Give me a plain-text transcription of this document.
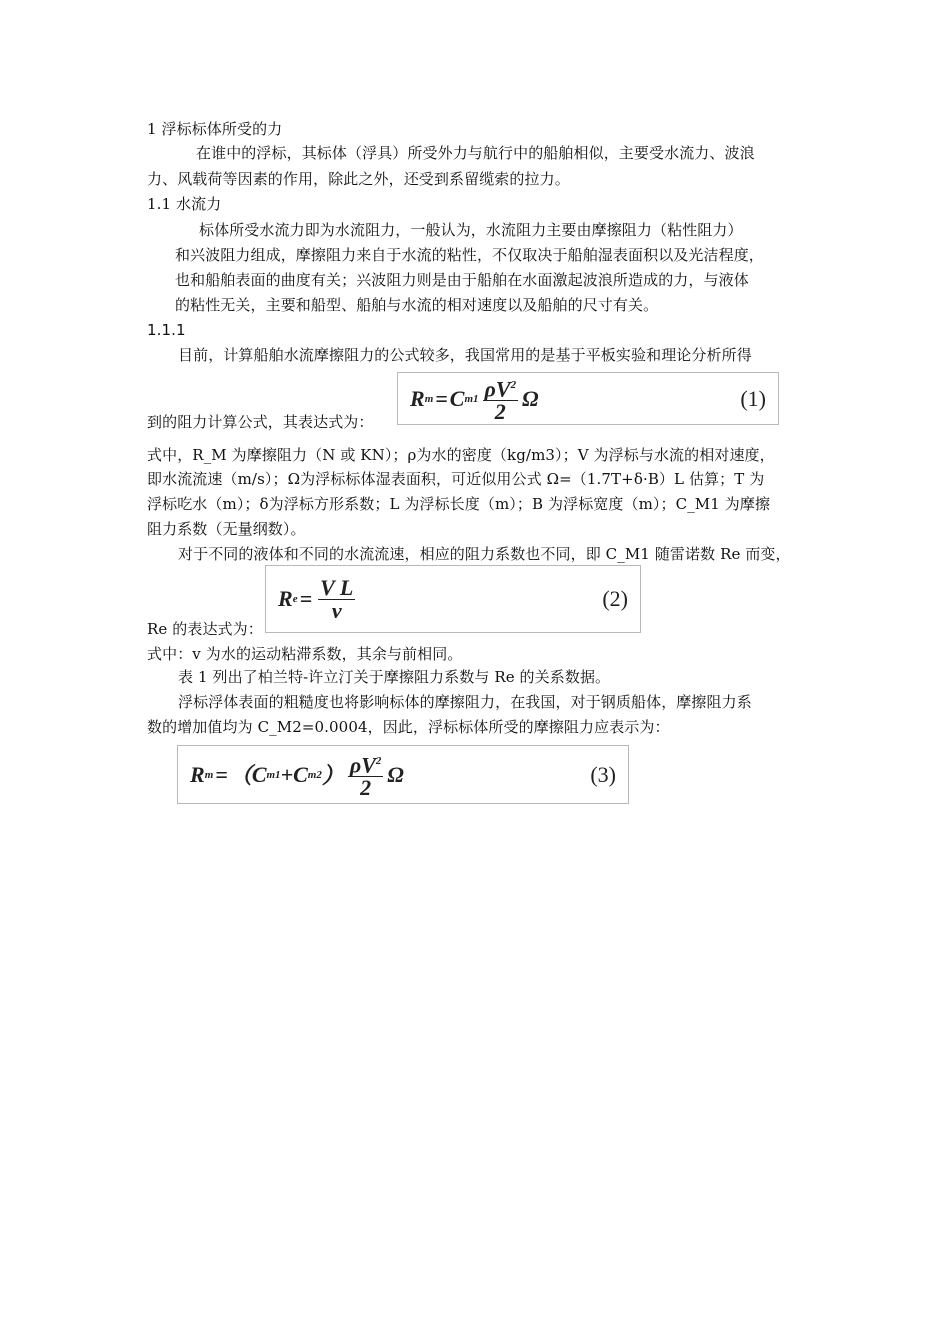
1 浮标标体所受的力
在谁中的浮标，其标体（浮具）所受外力与航行中的船舶相似，主要受水流力、波浪
力、风载荷等因素的作用，除此之外，还受到系留缆索的拉力。
1.1 水流力
标体所受水流力即为水流阻力，一般认为，水流阻力主要由摩擦阻力（粘性阻力）
和兴波阻力组成，摩擦阻力来自于水流的粘性，不仅取决于船舶湿表面积以及光洁程度，
也和船舶表面的曲度有关；兴波阻力则是由于船舶在水面激起波浪所造成的力，与液体
的粘性无关，主要和船型、船舶与水流的相对速度以及船舶的尺寸有关。
1.1.1
目前，计算船舶水流摩擦阻力的公式较多，我国常用的是基于平板实验和理论分析所得
到的阻力计算公式，其表达式为：
R m = C $m1 \frac{\rho V^2}{2}$ Ω	(1)
式中，R_M 为摩擦阻力（N 或 KN）；ρ为水的密度（kg/m3）；V 为浮标与水流的相对速度，
即水流流速（m/s）；Ω为浮标标体湿表面积，可近似用公式 Ω=（1.7T+δ·B）L 估算；T 为
浮标吃水（m）；δ为浮标方形系数；L 为浮标长度（m）；B 为浮标宽度（m）；C_M1 为摩擦
阻力系数（无量纲数）。
对于不同的液体和不同的水流流速，相应的阻力系数也不同，即 C_M1 随雷诺数 Re 而变，
R $e = \frac{\text{V L}}{v}$	(2)
Re 的表达式为：
式中：v 为水的运动粘滞系数，其余与前相同。
表 1 列出了柏兰特-许立汀关于摩擦阻力系数与 Re 的关系数据。
浮标浮体表面的粗糙度也将影响标体的摩擦阻力，在我国，对于钢质船体，摩擦阻力系
数的增加值均为 C_M2=0.0004，因此，浮标标体所受的摩擦阻力应表示为：
R m = （ C m1 + C m2 ） $\frac{\rho V^2}{2}$ Ω	(3)
